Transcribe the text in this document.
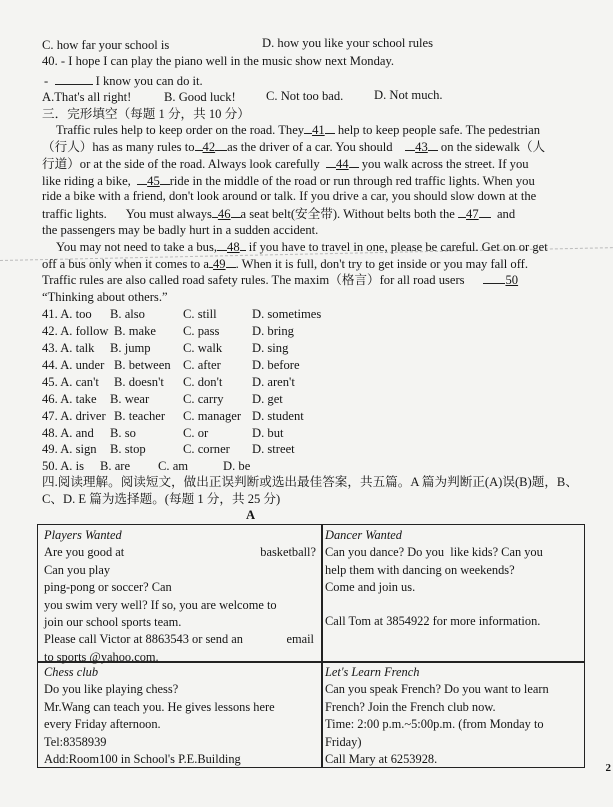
C. how far your school is	D. how you like your school rules
40. - I hope I can play the piano well in the music show next Monday.
-	I know you can do it.
A.That's all right!	B. Good luck! C. Not too bad. D. Not much.
三．完形填空（每题 1 分，共 10 分）
Traffic rules help to keep order on the road. They 41 help to keep people safe. The pedestrian
（行人）has as many rules to 42 as the driver of a car. You should 43 on the sidewalk（人
行道）or at the side of the road. Always look carefully 44 you walk across the street. If you
like riding a bike, 45 ride in the middle of the road or run through red traffic lights. When you
ride a bike with a friend, don't look around or talk. If you drive a car, you should slow down at the
traffic lights. You must always 46 a seat belt(安全带). Without belts both the 47 and
the passengers may be badly hurt in a sudden accident.
You may not need to take a bus, 48 if you have to travel in one, please be careful. Get on or get
off a bus only when it comes to a 49 . When it is full, don't try to get inside or you may fall off.
Traffic rules are also called road safety rules. The maxim（格言）for all road users	50
“Thinking about others.”
41. A. too B. also	C. still	D. sometimes
42. A. follow B. make C. pass	D. bring
43. A. talk B. jump	C. walk D. sing
44. A. under B. between C. after D. before
45. A. can't B. doesn't C. don't D. aren't
46. A. take B. wear	C. carry D. get
47. A. driver B. teacher C. manager D. student
48. A. and B. so	C. or	D. but
49. A. sign B. stop	C. corner D. street
50. A. is B. are C. am	D. be
四.阅读理解。阅读短文，做出正误判断或选出最佳答案，共五篇。A 篇为判断正(A)误(B)题，B、
C、D. E 篇为选择题。(每题 1 分，共 25 分)
A
Players Wanted
Are you good at	basketball?
Can you play
ping-pong or soccer? Can
you swim very well? If so, you are welcome to
join our school sports team.
Please call Victor at 8863543 or send an	email
to sports @yahoo.com.
Dancer Wanted
Can you dance? Do you  like kids? Can you
help them with dancing on weekends?
Come and join us.
Call Tom at 3854922 for more information.
Chess club
Do you like playing chess?
Mr.Wang can teach you. He gives lessons here
every Friday afternoon.
Tel:8358939
Add:Room100 in School's P.E.Building
Let's Learn French
Can you speak French? Do you want to learn
French? Join the French club now.
Time: 2:00 p.m.~5:00p.m. (from Monday to
Friday)
Call Mary at 6253928.
2
